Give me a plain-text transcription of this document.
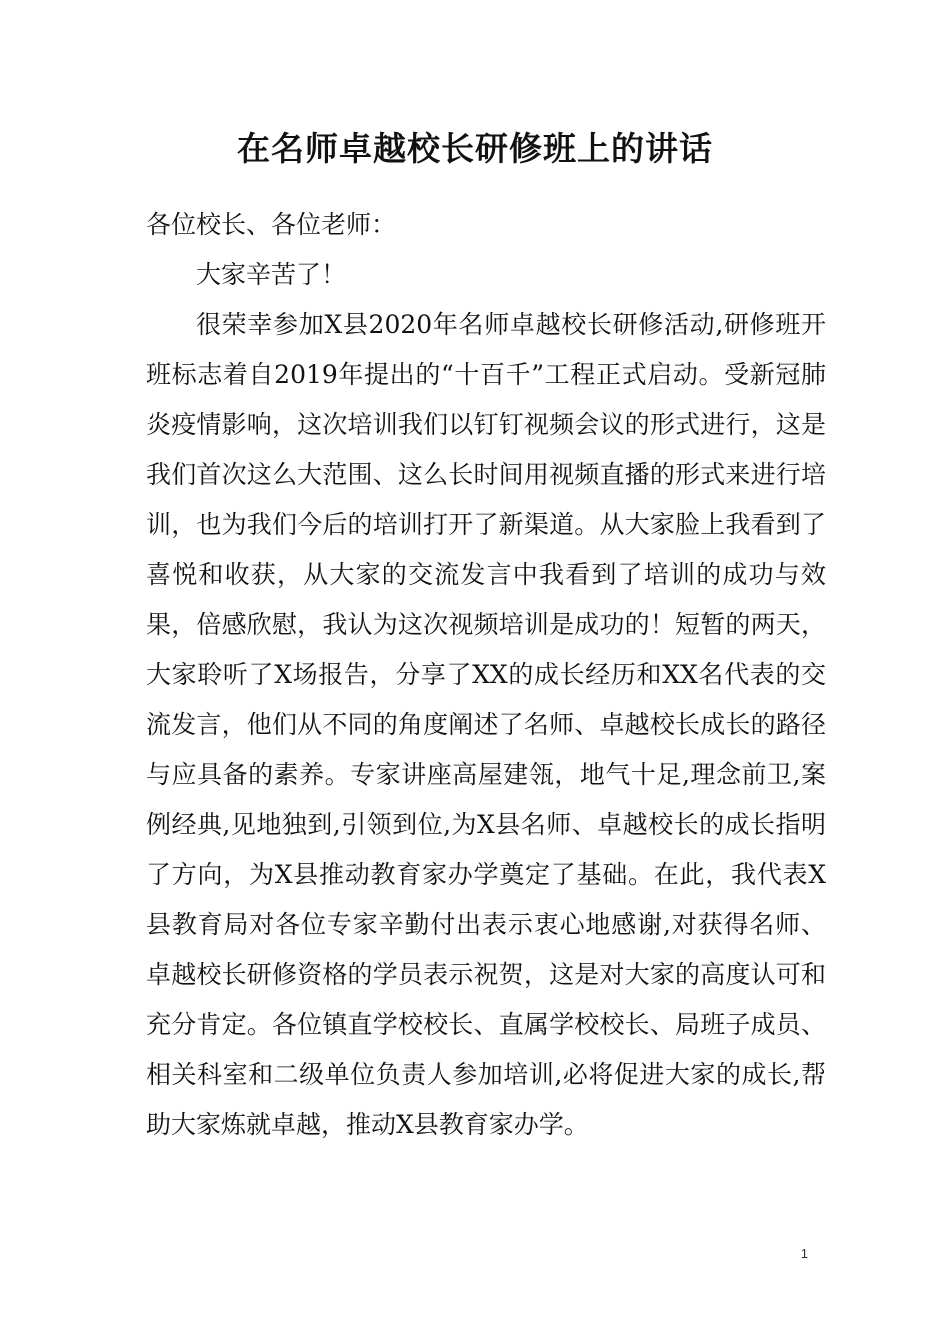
在名师卓越校长研修班上的讲话

各位校长、各位老师：

大家辛苦了！

很荣幸参加X县2020年名师卓越校长研修活动,研修班开班标志着自2019年提出的“十百千”工程正式启动。受新冠肺炎疫情影响，这次培训我们以钉钉视频会议的形式进行，这是我们首次这么大范围、这么长时间用视频直播的形式来进行培训，也为我们今后的培训打开了新渠道。从大家脸上我看到了喜悦和收获，从大家的交流发言中我看到了培训的成功与效果，倍感欣慰，我认为这次视频培训是成功的！短暂的两天，大家聆听了X场报告，分享了XX的成长经历和XX名代表的交流发言，他们从不同的角度阐述了名师、卓越校长成长的路径与应具备的素养。专家讲座高屋建瓴，地气十足,理念前卫,案例经典,见地独到,引领到位,为X县名师、卓越校长的成长指明了方向，为X县推动教育家办学奠定了基础。在此，我代表X县教育局对各位专家辛勤付出表示衷心地感谢,对获得名师、卓越校长研修资格的学员表示祝贺，这是对大家的高度认可和充分肯定。各位镇直学校校长、直属学校校长、局班子成员、相关科室和二级单位负责人参加培训,必将促进大家的成长,帮助大家炼就卓越，推动X县教育家办学。

1
